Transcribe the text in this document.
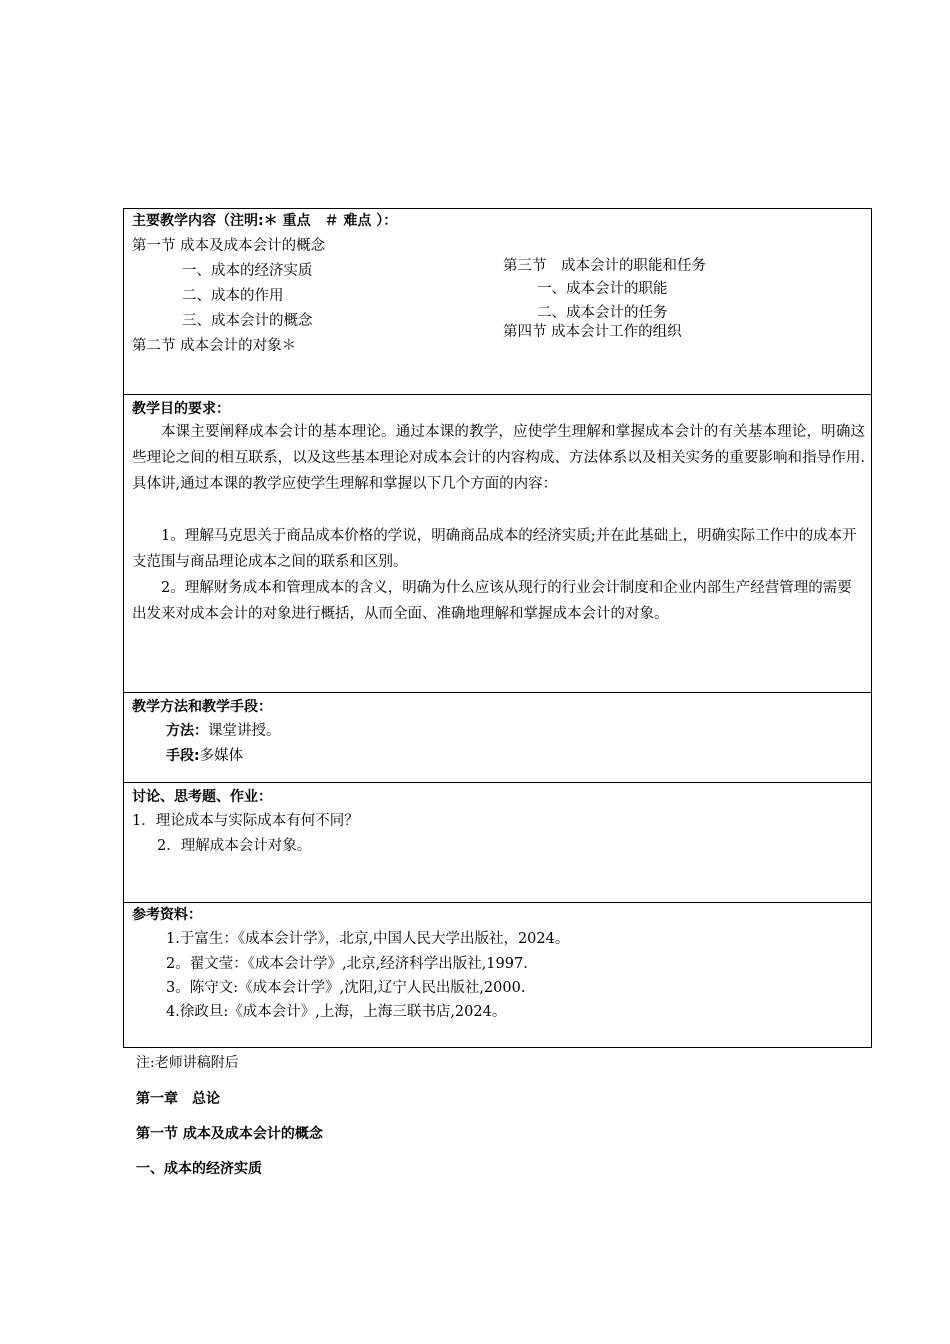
主要教学内容（注明:＊ 重点　＃ 难点 ）：
第一节 成本及成本会计的概念
一、成本的经济实质
二、成本的作用
三、成本会计的概念
第二节 成本会计的对象＊
第三节　成本会计的职能和任务
一、成本会计的职能
二、成本会计的任务
第四节 成本会计工作的组织
教学目的要求：
本课主要阐释成本会计的基本理论。通过本课的教学，应使学生理解和掌握成本会计的有关基本理论，明确这些理论之间的相互联系，以及这些基本理论对成本会计的内容构成、方法体系以及相关实务的重要影响和指导作用.具体讲,通过本课的教学应使学生理解和掌握以下几个方面的内容：
1。理解马克思关于商品成本价格的学说，明确商品成本的经济实质;并在此基础上，明确实际工作中的成本开支范围与商品理论成本之间的联系和区别。
2。理解财务成本和管理成本的含义，明确为什么应该从现行的行业会计制度和企业内部生产经营管理的需要出发来对成本会计的对象进行概括，从而全面、准确地理解和掌握成本会计的对象。
教学方法和教学手段：
方法：课堂讲授。
手段:多媒体
讨论、思考题、作业：
1．理论成本与实际成本有何不同？
2．理解成本会计对象。
参考资料：
1.于富生：《成本会计学》，北京,中国人民大学出版社，2024。
2。翟文莹：《成本会计学》,北京,经济科学出版社,1997.
3。陈守文:《成本会计学》,沈阳,辽宁人民出版社,2000.
4.徐政旦:《成本会计》,上海，上海三联书店,2024。
注:老师讲稿附后
第一章　总论
第一节 成本及成本会计的概念
一、成本的经济实质
